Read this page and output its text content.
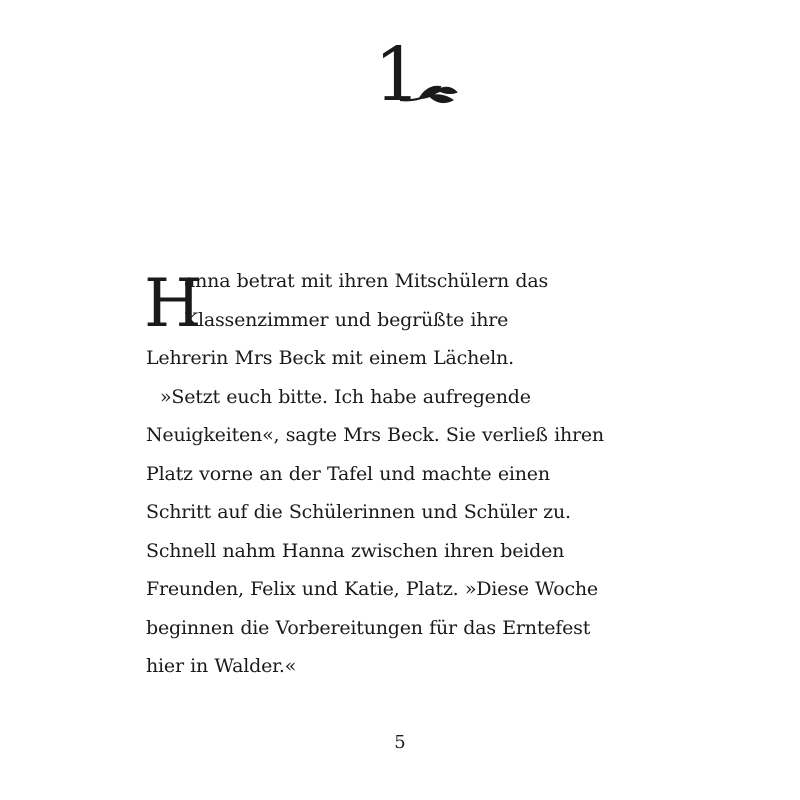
1
H
anna betrat mit ihren Mitschülern das
Klassenzimmer und begrüßte ihre
Lehrerin Mrs Beck mit einem Lächeln.
»Setzt euch bitte. Ich habe aufregende
Neuigkeiten«, sagte Mrs Beck. Sie verließ ihren
Platz vorne an der Tafel und machte einen
Schritt auf die Schülerinnen und Schüler zu.
Schnell nahm Hanna zwischen ihren beiden
Freunden, Felix und Katie, Platz. »Diese Woche
beginnen die Vorbereitungen für das Erntefest
hier in Walder.«
5
